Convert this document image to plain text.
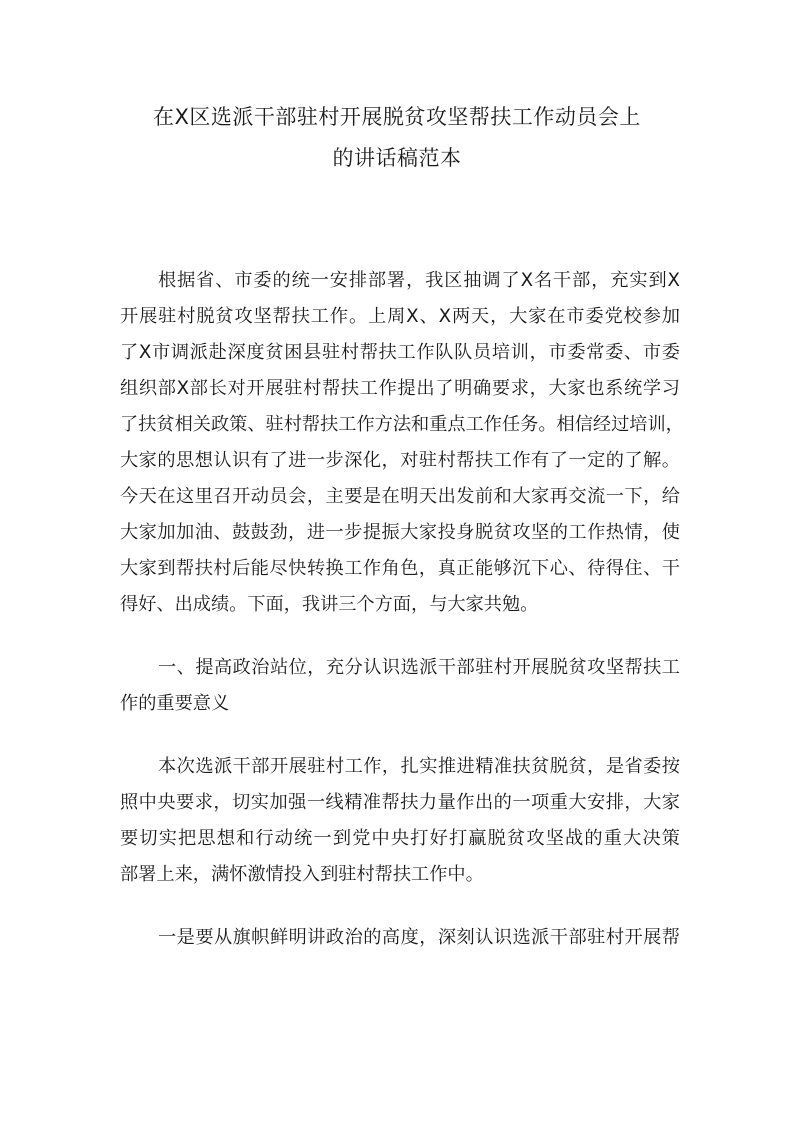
在X区选派干部驻村开展脱贫攻坚帮扶工作动员会上
的讲话稿范本
根据省、市委的统一安排部署，我区抽调了X名干部，充实到X
开展驻村脱贫攻坚帮扶工作。上周X、X两天，大家在市委党校参加
了X市调派赴深度贫困县驻村帮扶工作队队员培训，市委常委、市委
组织部X部长对开展驻村帮扶工作提出了明确要求，大家也系统学习
了扶贫相关政策、驻村帮扶工作方法和重点工作任务。相信经过培训，
大家的思想认识有了进一步深化，对驻村帮扶工作有了一定的了解。
今天在这里召开动员会，主要是在明天出发前和大家再交流一下，给
大家加加油、鼓鼓劲，进一步提振大家投身脱贫攻坚的工作热情，使
大家到帮扶村后能尽快转换工作角色，真正能够沉下心、待得住、干
得好、出成绩。下面，我讲三个方面，与大家共勉。
一、提高政治站位，充分认识选派干部驻村开展脱贫攻坚帮扶工
作的重要意义
本次选派干部开展驻村工作，扎实推进精准扶贫脱贫，是省委按
照中央要求，切实加强一线精准帮扶力量作出的一项重大安排，大家
要切实把思想和行动统一到党中央打好打赢脱贫攻坚战的重大决策
部署上来，满怀激情投入到驻村帮扶工作中。
一是要从旗帜鲜明讲政治的高度，深刻认识选派干部驻村开展帮
